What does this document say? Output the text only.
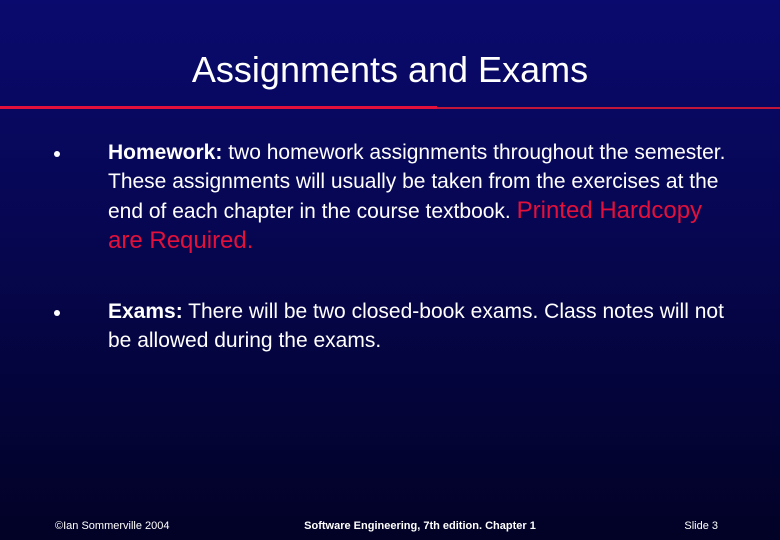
Assignments and Exams
Homework: two homework assignments throughout the semester. These assignments will usually be taken from the exercises at the end of each chapter in the course textbook. Printed Hardcopy are Required.
Exams: There will be two closed-book exams. Class notes will not be allowed during the exams.
©Ian Sommerville 2004	Software Engineering, 7th edition. Chapter 1	Slide 3
